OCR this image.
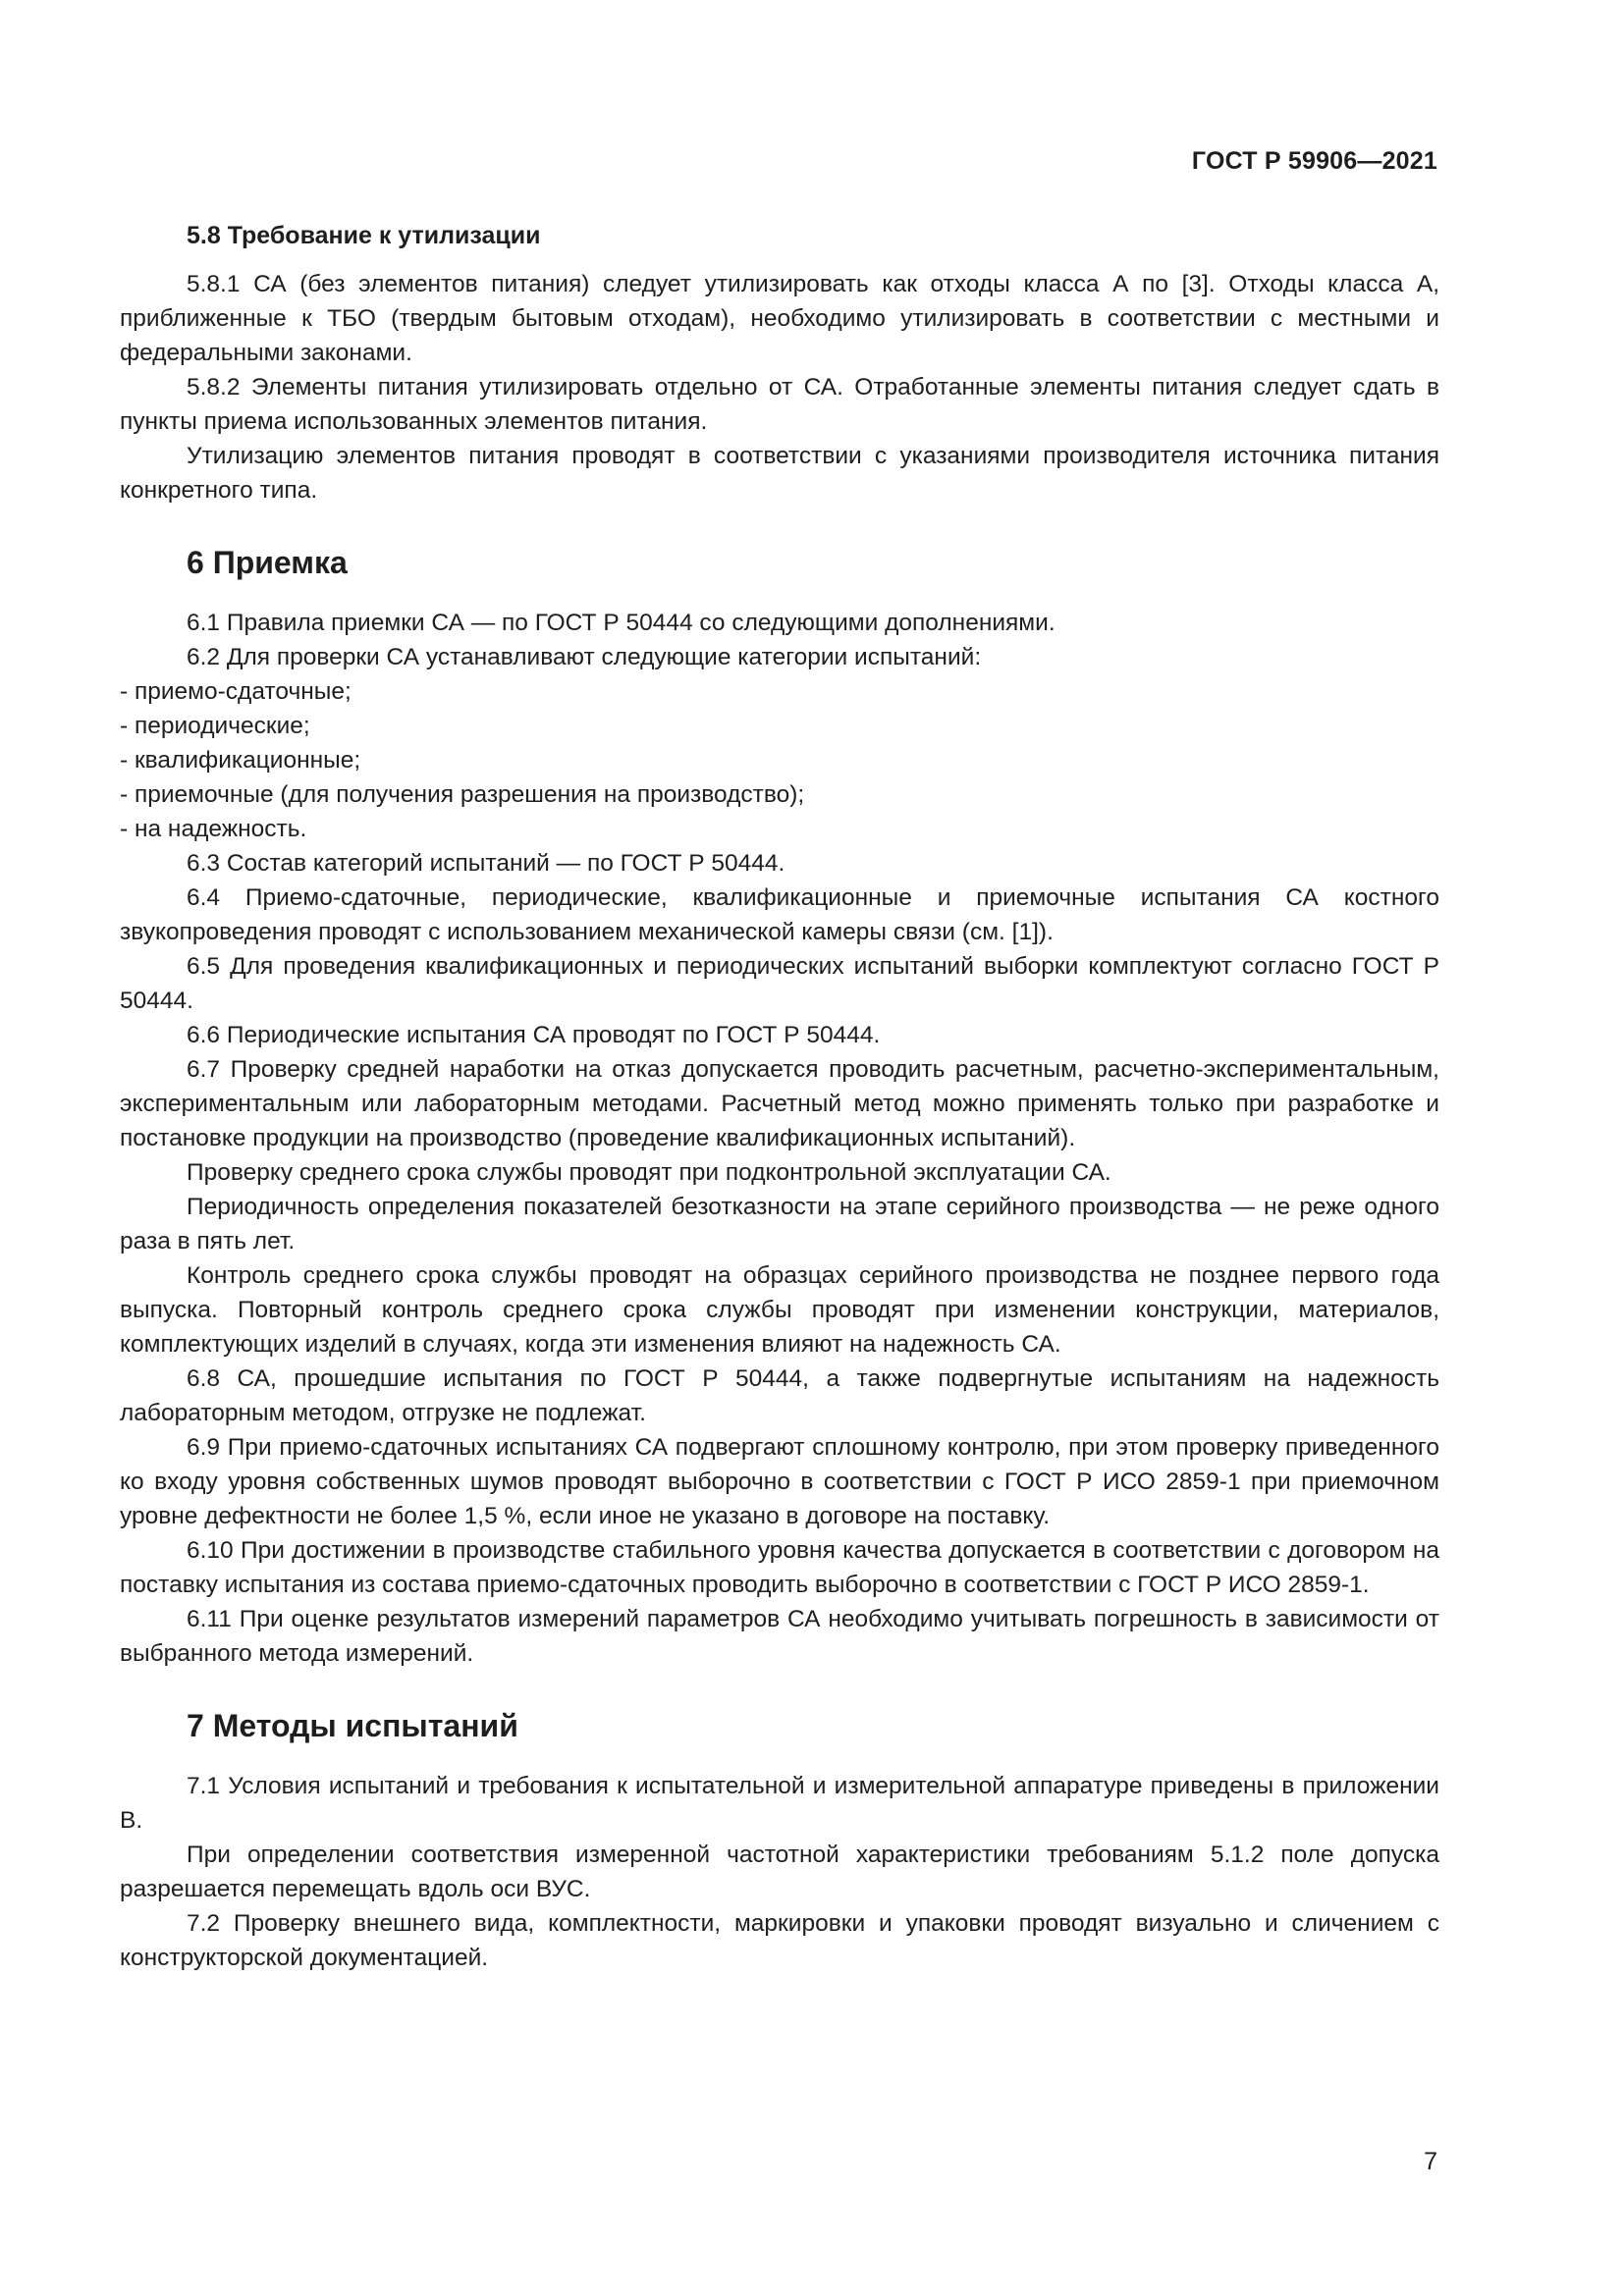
ГОСТ Р 59906—2021
5.8 Требование к утилизации

5.8.1 СА (без элементов питания) следует утилизировать как отходы класса А по [3]. Отходы класса А, приближенные к ТБО (твердым бытовым отходам), необходимо утилизировать в соответствии с местными и федеральными законами.

5.8.2 Элементы питания утилизировать отдельно от СА. Отработанные элементы питания следует сдать в пункты приема использованных элементов питания.

Утилизацию элементов питания проводят в соответствии с указаниями производителя источника питания конкретного типа.

6 Приемка

6.1 Правила приемки СА — по ГОСТ Р 50444 со следующими дополнениями.

6.2 Для проверки СА устанавливают следующие категории испытаний:

- приемо-сдаточные;

- периодические;

- квалификационные;

- приемочные (для получения разрешения на производство);

- на надежность.

6.3 Состав категорий испытаний — по ГОСТ Р 50444.

6.4 Приемо-сдаточные, периодические, квалификационные и приемочные испытания СА костного звукопроведения проводят с использованием механической камеры связи (см. [1]).

6.5 Для проведения квалификационных и периодических испытаний выборки комплектуют согласно ГОСТ Р 50444.

6.6 Периодические испытания СА проводят по ГОСТ Р 50444.

6.7 Проверку средней наработки на отказ допускается проводить расчетным, расчетно-экспериментальным, экспериментальным или лабораторным методами. Расчетный метод можно применять только при разработке и постановке продукции на производство (проведение квалификационных испытаний).

Проверку среднего срока службы проводят при подконтрольной эксплуатации СА.

Периодичность определения показателей безотказности на этапе серийного производства — не реже одного раза в пять лет.

Контроль среднего срока службы проводят на образцах серийного производства не позднее первого года выпуска. Повторный контроль среднего срока службы проводят при изменении конструкции, материалов, комплектующих изделий в случаях, когда эти изменения влияют на надежность СА.

6.8 СА, прошедшие испытания по ГОСТ Р 50444, а также подвергнутые испытаниям на надежность лабораторным методом, отгрузке не подлежат.

6.9 При приемо-сдаточных испытаниях СА подвергают сплошному контролю, при этом проверку приведенного ко входу уровня собственных шумов проводят выборочно в соответствии с ГОСТ Р ИСО 2859-1 при приемочном уровне дефектности не более 1,5 %, если иное не указано в договоре на поставку.

6.10 При достижении в производстве стабильного уровня качества допускается в соответствии с договором на поставку испытания из состава приемо-сдаточных проводить выборочно в соответствии с ГОСТ Р ИСО 2859-1.

6.11 При оценке результатов измерений параметров СА необходимо учитывать погрешность в зависимости от выбранного метода измерений.

7 Методы испытаний

7.1 Условия испытаний и требования к испытательной и измерительной аппаратуре приведены в приложении В.

При определении соответствия измеренной частотной характеристики требованиям 5.1.2 поле допуска разрешается перемещать вдоль оси ВУС.

7.2 Проверку внешнего вида, комплектности, маркировки и упаковки проводят визуально и сличением с конструкторской документацией.

7
